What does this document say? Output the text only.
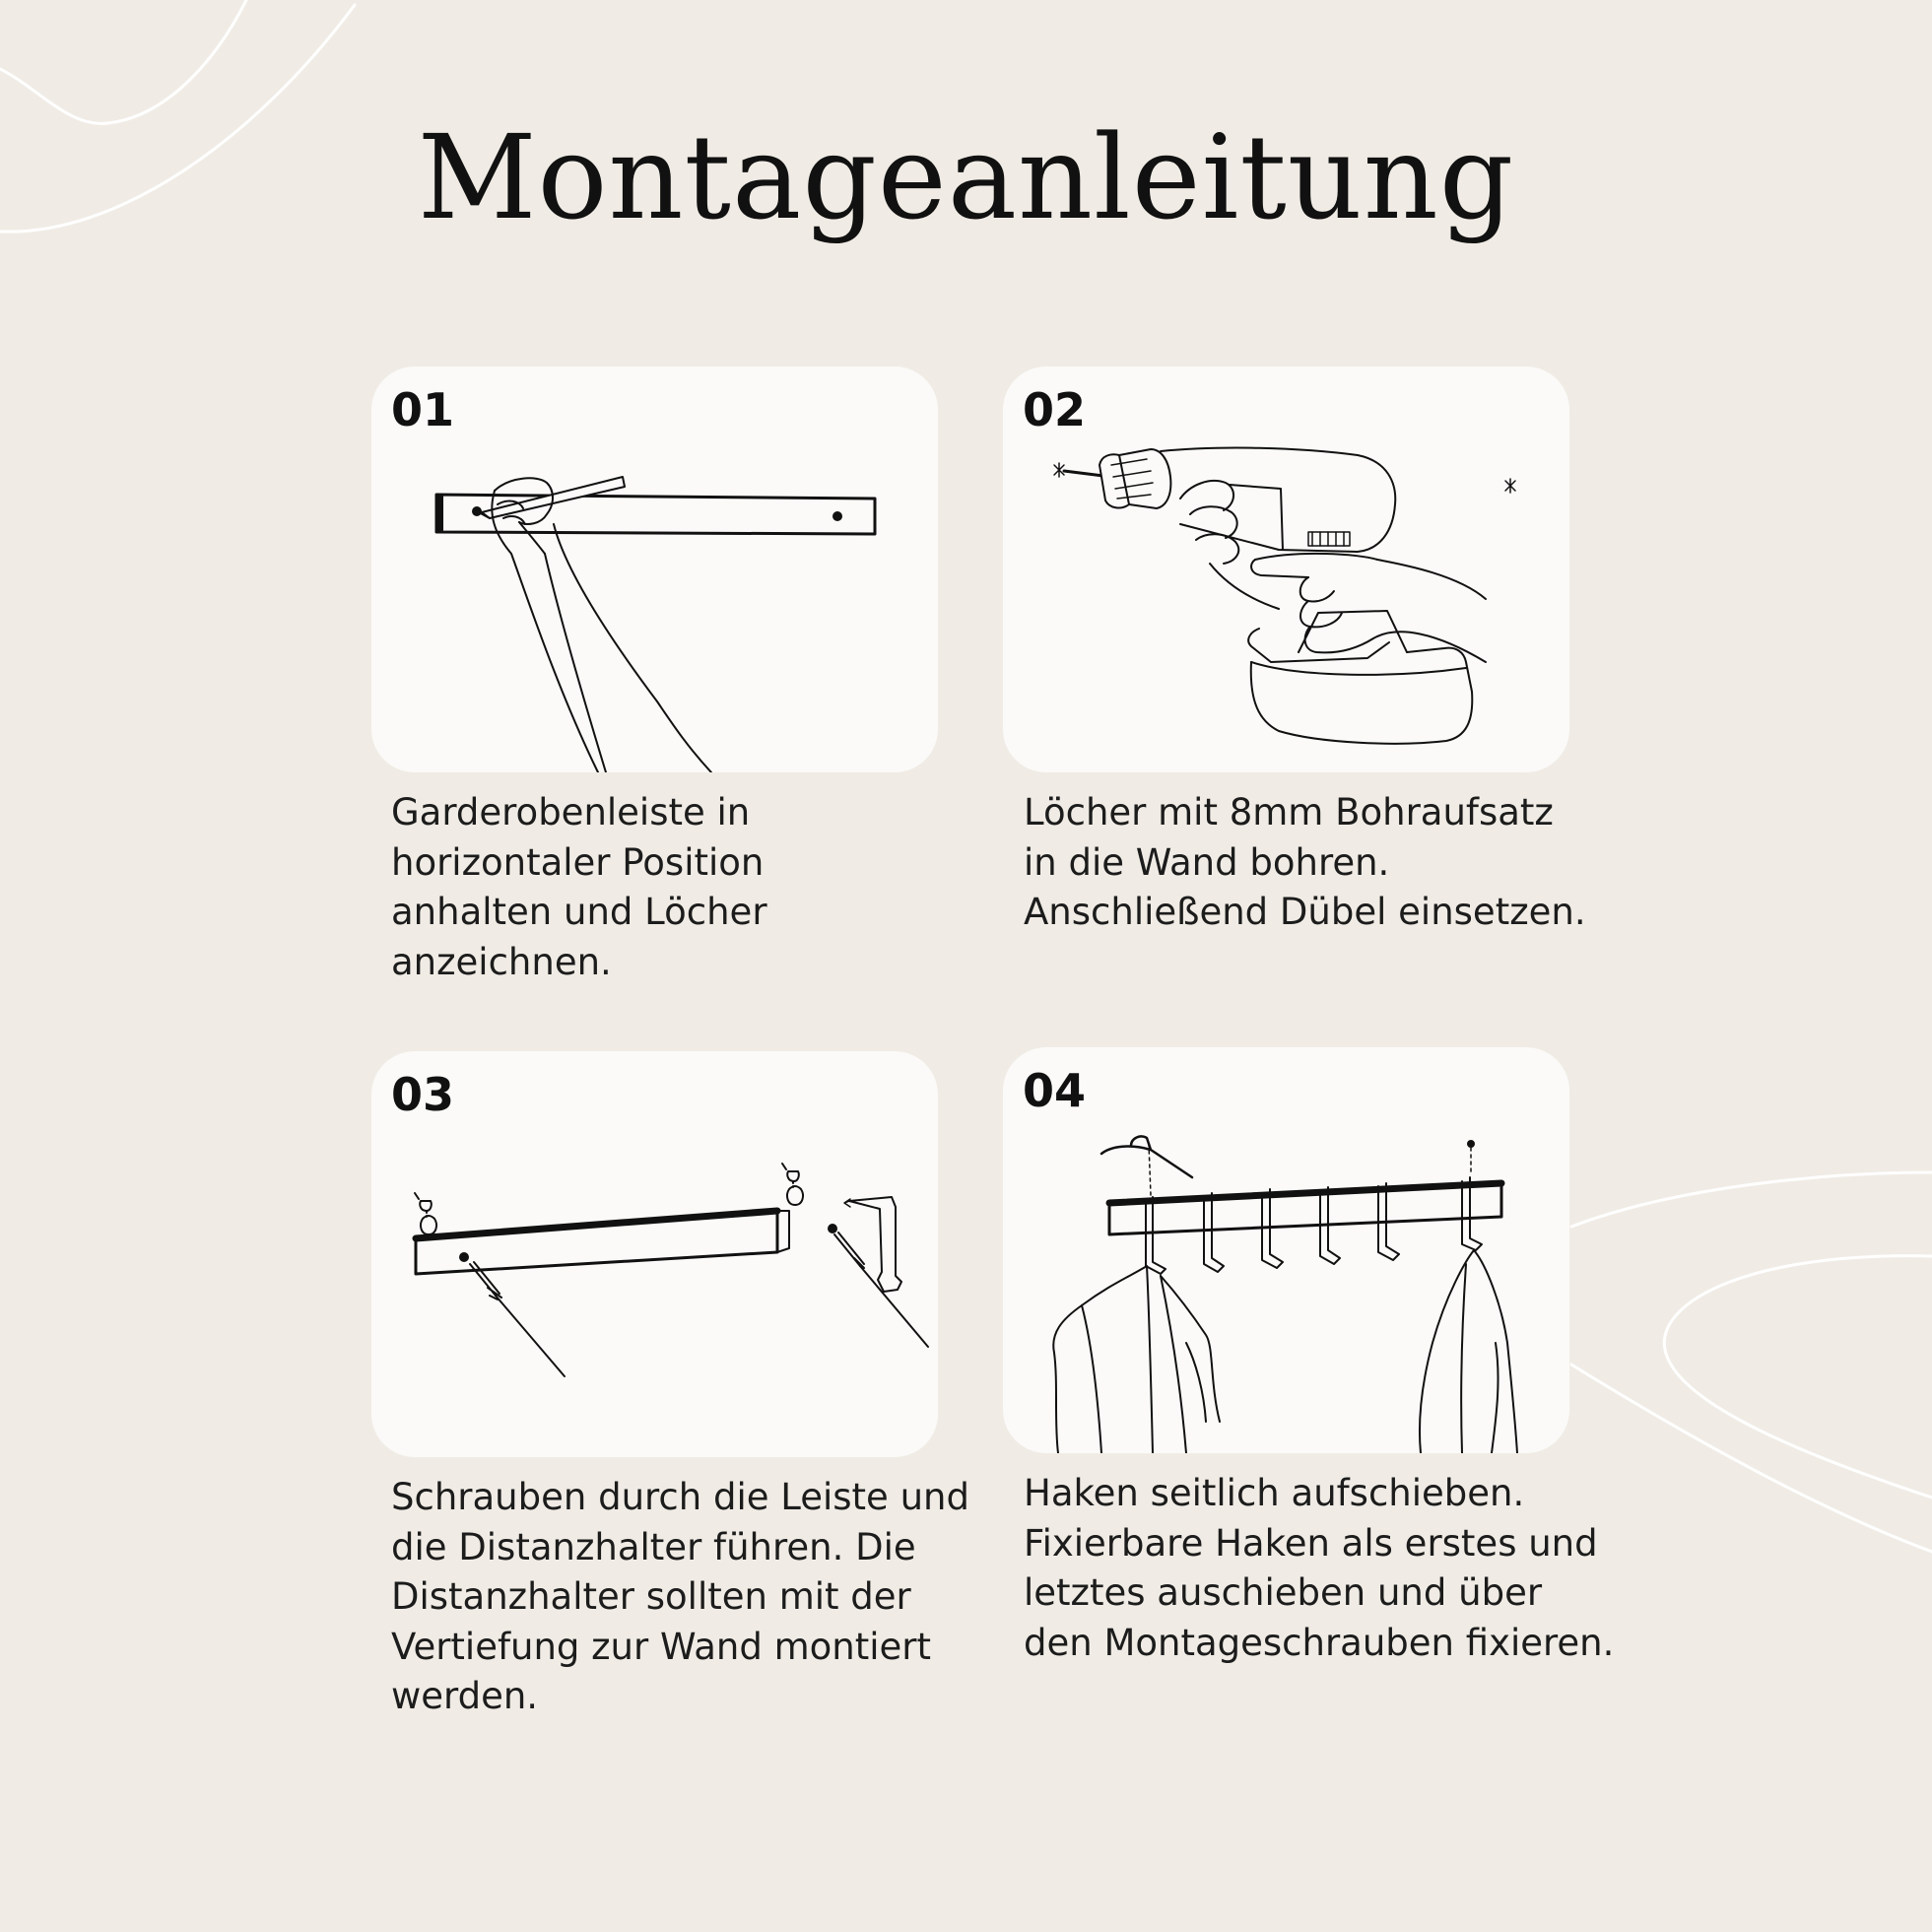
Montageanleitung
01

Garderobenleiste in horizontaler Position anhalten und Löcher anzeichnen.

02

Löcher mit 8mm Bohraufsatz in die Wand bohren. Anschließend Dübel einsetzen.

03

Schrauben durch die Leiste und die Distanzhalter führen. Die Distanzhalter sollten mit der Vertiefung zur Wand montiert werden.

04

Haken seitlich aufschieben. Fixierbare Haken als erstes und letztes auschieben und über den Montageschrauben fixieren.
